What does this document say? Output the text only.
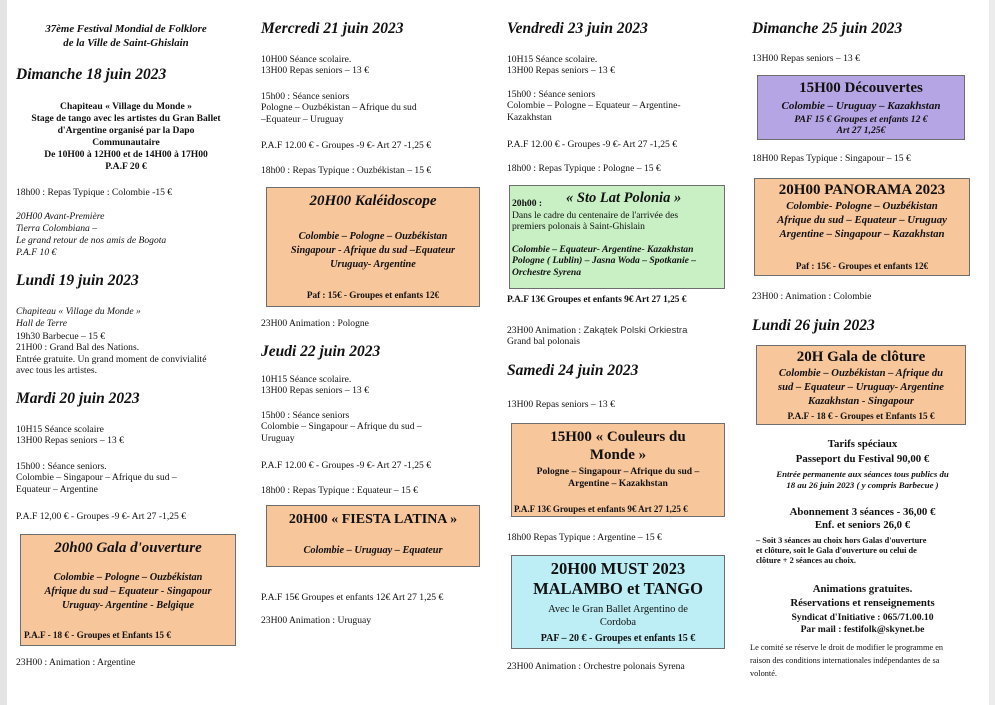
37ème Festival Mondial de Folklore
de la Ville de Saint-Ghislain

Dimanche 18 juin 2023

Chapiteau « Village du Monde »
Stage de tango avec les artistes du Gran Ballet
d'Argentine organisé par la Dapo
Communautaire
De 10H00 à 12H00 et de 14H00 à 17H00
P.A.F 20 €

18h00 : Repas Typique : Colombie -15 €

20H00 Avant-Première
Tierra Colombiana –
Le grand retour de nos amis de Bogota
P.A.F 10 €

Lundi 19 juin 2023

Chapiteau « Village du Monde »
Hall de Terre

19h30 Barbecue – 15 €
21H00 : Grand Bal des Nations.

Entrée gratuite. Un grand moment de convivialité
avec tous les artistes.

Mardi 20 juin 2023

10H15 Séance scolaire
13H00 Repas seniors – 13 €

15h00 : Séance seniors.
Colombie – Singapour – Afrique du sud –
Equateur – Argentine

P.A.F 12,00 € - Groupes -9 €- Art 27 -1,25 €

20h00 Gala d'ouverture

Colombie – Pologne – Ouzbékistan
Afrique du sud – Equateur - Singapour
Uruguay- Argentine - Belgique

P.A.F - 18 € - Groupes et Enfants 15 €

23H00 : Animation : Argentine

Mercredi 21 juin 2023

10H00 Séance scolaire.
13H00 Repas seniors – 13 €

15h00 : Séance seniors
Pologne – Ouzbékistan – Afrique du sud
–Equateur – Uruguay

P.A.F 12.00 € - Groupes -9 €- Art 27 -1,25 €

18h00 : Repas Typique : Ouzbékistan – 15 €

20H00 Kaléidoscope

Colombie – Pologne – Ouzbékistan
Singapour - Afrique du sud –Equateur
Uruguay- Argentine

Paf : 15€ - Groupes et enfants 12€

23H00 Animation : Pologne

Jeudi 22 juin 2023

10H15 Séance scolaire.
13H00 Repas seniors – 13 €

15h00 : Séance seniors
Colombie – Singapour – Afrique du sud –
Uruguay

P.A.F 12.00 € - Groupes -9 €- Art 27 -1,25 €

18h00 : Repas Typique : Equateur – 15 €

20H00 « FIESTA LATINA »

Colombie – Uruguay – Equateur

P.A.F 15€ Groupes et enfants 12€ Art 27 1,25 €

23H00 Animation : Uruguay

Vendredi 23 juin 2023

10H15 Séance scolaire.
13H00 Repas seniors – 13 €

15h00 : Séance seniors
Colombie – Pologne – Equateur – Argentine-
Kazakhstan

P.A.F 12.00 € - Groupes -9 €- Art 27 -1,25 €

18h00 : Repas Typique : Pologne – 15 €

20h00 : « Sto Lat Polonia »

Dans le cadre du centenaire de l'arrivée des
premiers polonais à Saint-Ghislain

Colombie – Equateur- Argentine- Kazakhstan
Pologne ( Lublin) – Jasna Woda – Spotkanie –
Orchestre Syrena

P.A.F 13€ Groupes et enfants 9€ Art 27 1,25 €

23H00 Animation : Zakątek Polski Orkiestra

Grand bal polonais

Samedi 24 juin 2023

13H00 Repas seniors – 13 €

15H00 « Couleurs du
Monde »

Pologne – Singapour – Afrique du sud –
Argentine – Kazakhstan

P.A.F 13€ Groupes et enfants 9€ Art 27 1,25 €

18h00 Repas Typique : Argentine – 15 €

20H00 MUST 2023
MALAMBO et TANGO

Avec le Gran Ballet Argentino de
Cordoba

PAF – 20 € - Groupes et enfants 15 €

23H00 Animation : Orchestre polonais Syrena

Dimanche 25 juin 2023

13H00 Repas seniors – 13 €

15H00 Découvertes

Colombie – Uruguay – Kazakhstan

PAF 15 € Groupes et enfants 12 €
Art 27 1,25€

18H00 Repas Typique : Singapour – 15 €

20H00 PANORAMA 2023

Colombie- Pologne – Ouzbékistan
Afrique du sud – Equateur – Uruguay
Argentine – Singapour – Kazakhstan

Paf : 15€ - Groupes et enfants 12€

23H00 : Animation : Colombie

Lundi 26 juin 2023

20H Gala de clôture

Colombie – Ouzbékistan – Afrique du
sud – Equateur – Uruguay- Argentine
Kazakhstan - Singapour

P.A.F - 18 € - Groupes et Enfants 15 €

Tarifs spéciaux

Passeport du Festival 90,00 €

Entrée permanente aux séances tous publics du
18 au 26 juin 2023 ( y compris Barbecue )

Abonnement 3 séances - 36,00 €
Enf. et seniors 26,0 €

– Soit 3 séances au choix hors Galas d'ouverture
et clôture, soit le Gala d'ouverture ou celui de
clôture + 2 séances au choix.

Animations gratuites.

Réservations et renseignements

Syndicat d'Initiative : 065/71.00.10

Par mail : festifolk@skynet.be

Le comité se réserve le droit de modifier le programme en
raison des conditions internationales indépendantes de sa
volonté.
